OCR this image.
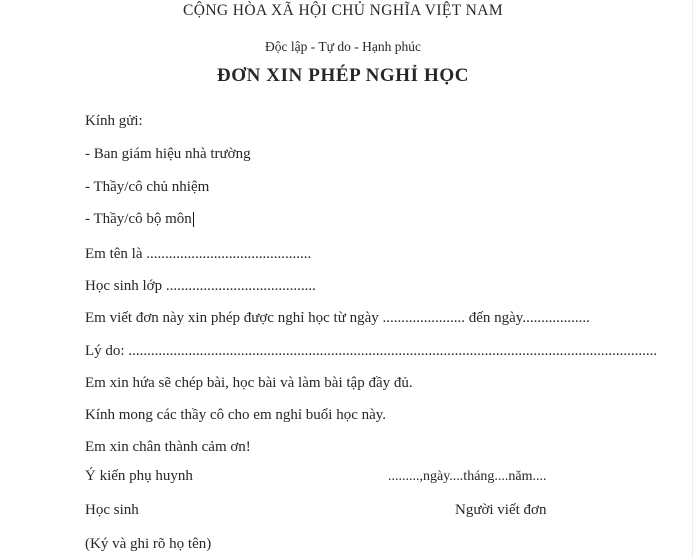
CỘNG HÒA XÃ HỘI CHỦ NGHĨA VIỆT NAM
Độc lập - Tự do - Hạnh phúc
ĐƠN XIN PHÉP NGHỈ HỌC
Kính gửi:
- Ban giám hiệu nhà trường
- Thầy/cô chủ nhiệm
- Thầy/cô bộ môn
Em tên là ............................................
Học sinh lớp ........................................
Em viết đơn này xin phép được nghỉ học từ ngày ...................... đến ngày..................
Lý do: .............................................................................................................................................
Em xin hứa sẽ chép bài, học bài và làm bài tập đầy đủ.
Kính mong các thầy cô cho em nghỉ buổi học này.
Em xin chân thành cảm ơn!
Ý kiến phụ huynh	.........,ngày....tháng....năm....
Học sinh	Người viết đơn
(Ký và ghi rõ họ tên)
